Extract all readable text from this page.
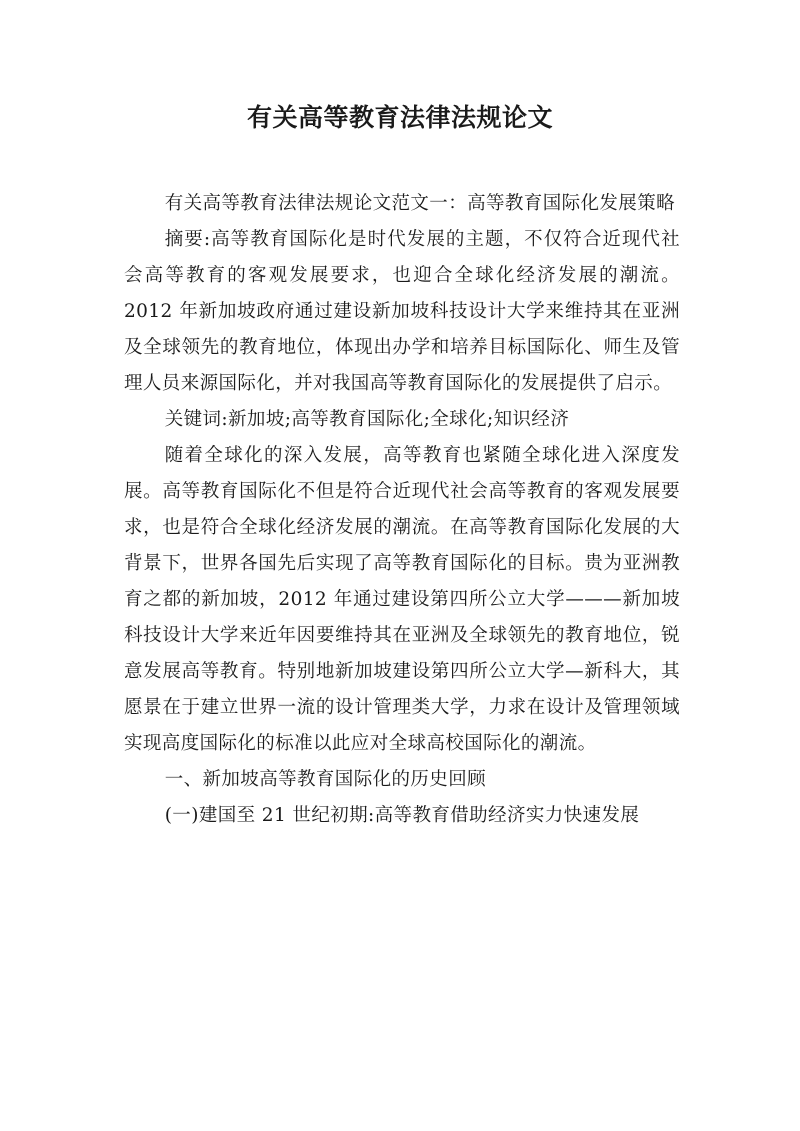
有关高等教育法律法规论文

有关高等教育法律法规论文范文一：高等教育国际化发展策略

摘要:高等教育国际化是时代发展的主题，不仅符合近现代社会高等教育的客观发展要求，也迎合全球化经济发展的潮流。2012 年新加坡政府通过建设新加坡科技设计大学来维持其在亚洲及全球领先的教育地位，体现出办学和培养目标国际化、师生及管理人员来源国际化，并对我国高等教育国际化的发展提供了启示。

关键词:新加坡;高等教育国际化;全球化;知识经济

随着全球化的深入发展，高等教育也紧随全球化进入深度发展。高等教育国际化不但是符合近现代社会高等教育的客观发展要求，也是符合全球化经济发展的潮流。在高等教育国际化发展的大背景下，世界各国先后实现了高等教育国际化的目标。贵为亚洲教育之都的新加坡，2012 年通过建设第四所公立大学———新加坡科技设计大学来近年因要维持其在亚洲及全球领先的教育地位，锐意发展高等教育。特别地新加坡建设第四所公立大学—新科大，其愿景在于建立世界一流的设计管理类大学，力求在设计及管理领域实现高度国际化的标准以此应对全球高校国际化的潮流。

一、新加坡高等教育国际化的历史回顾

(一)建国至 21 世纪初期:高等教育借助经济实力快速发展
